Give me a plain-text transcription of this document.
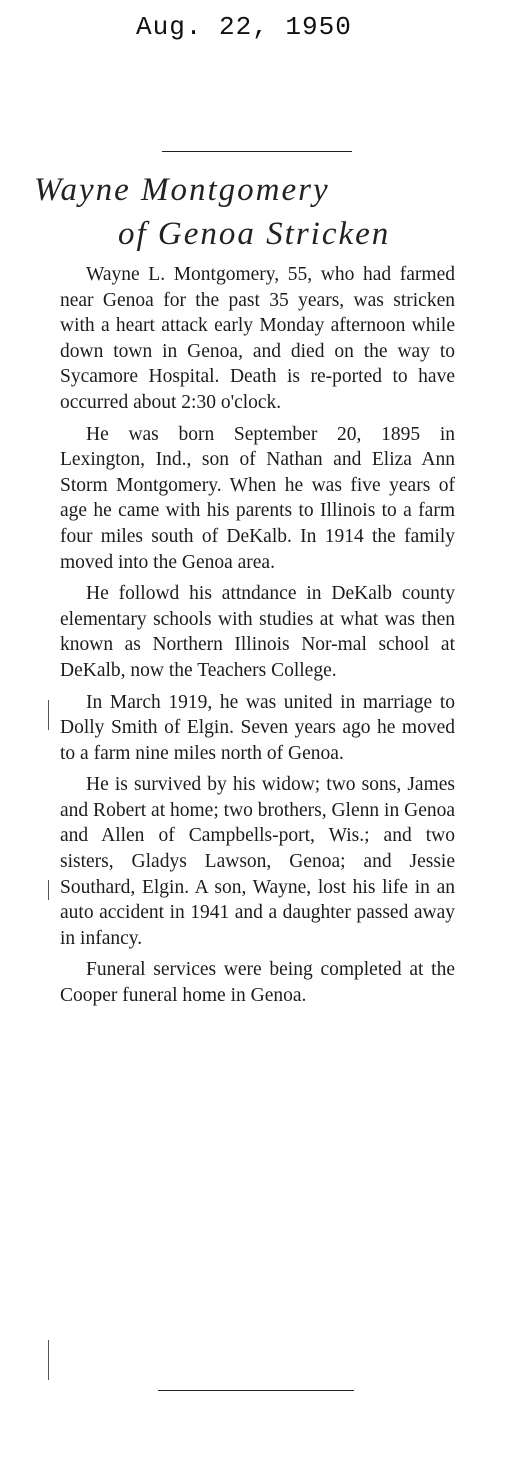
Aug. 22, 1950
Wayne Montgomery
of Genoa Stricken

Wayne L. Montgomery, 55, who had farmed near Genoa for the past 35 years, was stricken with a heart attack early Monday afternoon while down town in Genoa, and died on the way to Sycamore Hospital. Death is re-ported to have occurred about 2:30 o'clock.

He was born September 20, 1895 in Lexington, Ind., son of Nathan and Eliza Ann Storm Montgomery. When he was five years of age he came with his parents to Illinois to a farm four miles south of DeKalb. In 1914 the family moved into the Genoa area.

He followd his attndance in DeKalb county elementary schools with studies at what was then known as Northern Illinois Nor-mal school at DeKalb, now the Teachers College.

In March 1919, he was united in marriage to Dolly Smith of Elgin. Seven years ago he moved to a farm nine miles north of Genoa.

He is survived by his widow; two sons, James and Robert at home; two brothers, Glenn in Genoa and Allen of Campbells-port, Wis.; and two sisters, Gladys Lawson, Genoa; and Jessie Southard, Elgin. A son, Wayne, lost his life in an auto accident in 1941 and a daughter passed away in infancy.

Funeral services were being completed at the Cooper funeral home in Genoa.
